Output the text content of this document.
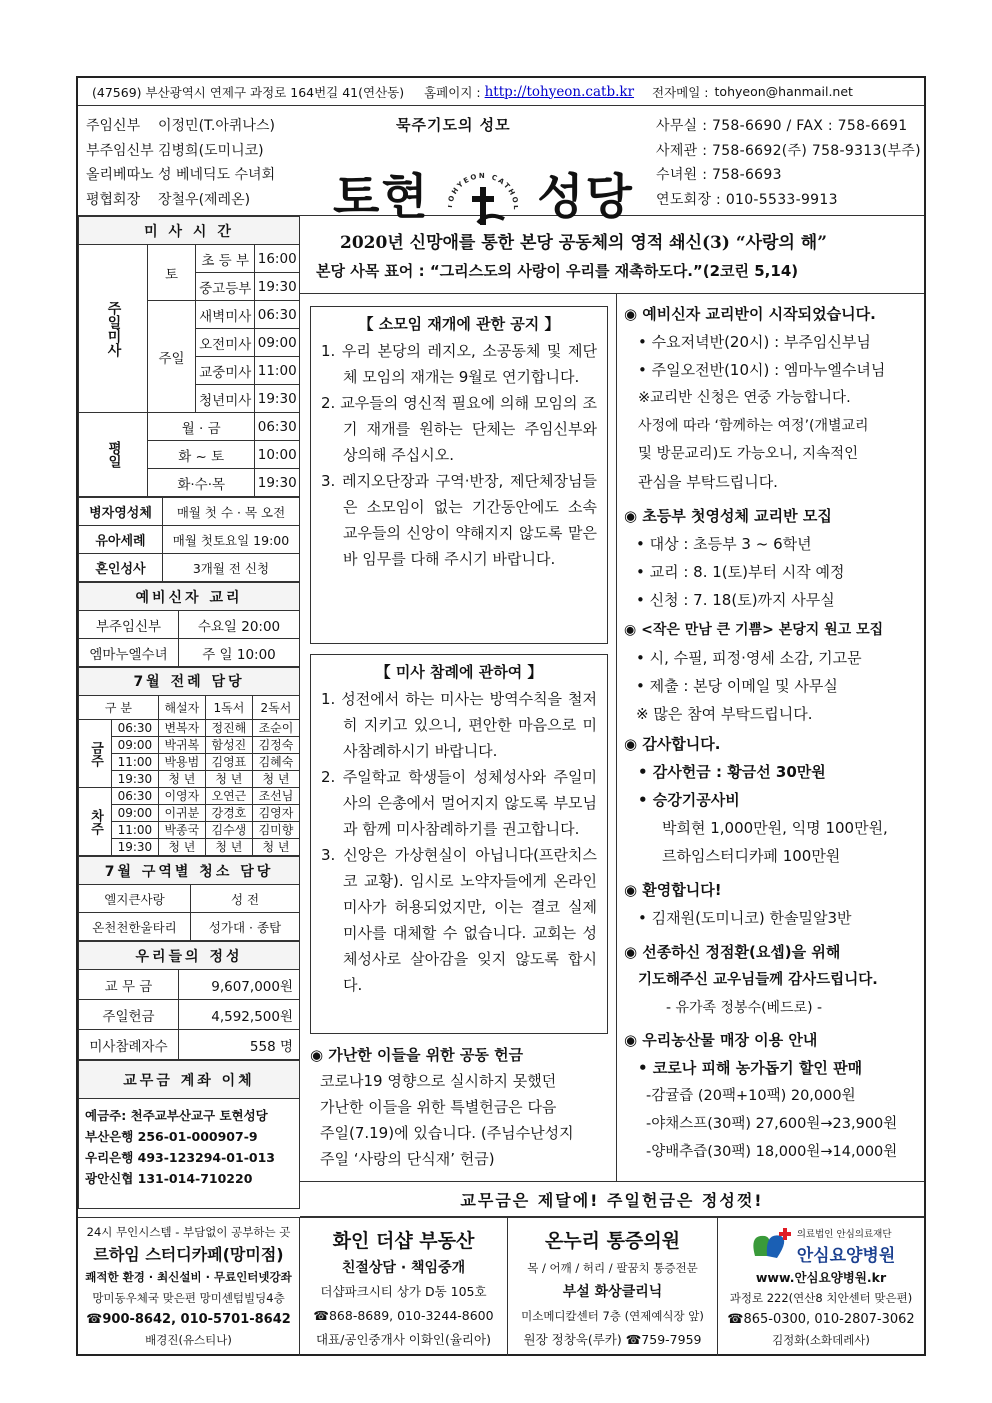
(47569) 부산광역시 연제구 과정로 164번길 41(연산동) 홈페이지 : http://tohyeon.catb.kr 전자메일 : tohyeon@hanmail.net
주임신부 이정민(T.아퀴나스)
부주임신부 김병희(도미니코)
올리베따노 성 베네딕도 수녀회
평협회장 장철우(제레온)
묵주기도의 성모
토현	HYEON CATH 성당
사무실 : 758-6690 / FAX : 758-6691
사제관 : 758-6692(주) 758-9313(부주)
수녀원 : 758-6693
연도회장 : 010-5533-9913
미 사 시 간			
주일미사	토	초 등 부	16:00
		중고등부	19:30
	주일	새벽미사	06:30
		오전미사	09:00
		교중미사	11:00
		청년미사	19:30
평일	월 · 금		06:30
	화 ~ 토		10:00
	화·수·목		19:30
병자영성체	매월 첫 수 · 목 오전
유아세례	매월 첫토요일 19:00
혼인성사	3개월 전 신청
예비신자 교리	
부주임신부	수요일 20:00
엠마누엘수녀	주 일 10:00
7월 전례 담당				
구 분		해설자	1독서	2독서
금주	06:30	변복자	정진해	조순이
	09:00	박귀복	함성진	김정숙
	11:00	박용범	김영표	김혜숙
	19:30	청 년	청 년	청 년
차주	06:30	이영자	오연근	조선님
	09:00	이귀분	강경호	김영자
	11:00	박종국	김수생	김미향
	19:30	청 년	청 년	청 년
7월 구역별 청소 담당	
엘지큰사랑	성 전
온천천한울타리	성가대 · 종탑
우리들의 정성	
교 무 금	9,607,000원
주일헌금	4,592,500원
미사참례자수	558 명
교무금 계좌 이체

예금주: 천주교부산교구 토현성당
부산은행 256-01-000907-9
우리은행 493-123294-01-013
광안신협 131-014-710220
2020년 신망애를 통한 본당 공동체의 영적 쇄신(3) “사랑의 해”
본당 사목 표어 : “그리스도의 사랑이 우리를 재촉하도다.”(2코린 5,14)
【 소모임 재개에 관한 공지 】
1. 우리 본당의 레지오, 소공동체 및 제단체 모임의 재개는 9월로 연기합니다.
2. 교우들의 영신적 필요에 의해 모임의 조기 재개를 원하는 단체는 주임신부와 상의해 주십시오.
3. 레지오단장과 구역·반장, 제단체장님들은 소모임이 없는 기간동안에도 소속 교우들의 신앙이 약해지지 않도록 맡은 바 임무를 다해 주시기 바랍니다.
【 미사 참례에 관하여 】
1. 성전에서 하는 미사는 방역수칙을 철저히 지키고 있으니, 편안한 마음으로 미사참례하시기 바랍니다.
2. 주일학교 학생들이 성체성사와 주일미사의 은총에서 멀어지지 않도록 부모님과 함께 미사참례하기를 권고합니다.
3. 신앙은 가상현실이 아닙니다(프란치스코 교황). 임시로 노약자들에게 온라인 미사가 허용되었지만, 이는 결코 실제 미사를 대체할 수 없습니다. 교회는 성체성사로 살아감을 잊지 않도록 합시다.
◉ 가난한 이들을 위한 공동 헌금
코로나19 영향으로 실시하지 못했던
가난한 이들을 위한 특별헌금은 다음
주일(7.19)에 있습니다. (주님수난성지
주일 ‘사랑의 단식재’ 헌금)
◉ 예비신자 교리반이 시작되었습니다.
• 수요저녁반(20시) : 부주임신부님
• 주일오전반(10시) : 엠마누엘수녀님
※교리반 신청은 연중 가능합니다.
사정에 따라 ‘함께하는 여정’(개별교리
및 방문교리)도 가능오니, 지속적인
관심을 부탁드립니다.
◉ 초등부 첫영성체 교리반 모집
• 대상 : 초등부 3 ~ 6학년
• 교리 : 8. 1(토)부터 시작 예정
• 신청 : 7. 18(토)까지 사무실
◉ <작은 만남 큰 기쁨> 본당지 원고 모집
• 시, 수필, 피정·영세 소감, 기고문
• 제출 : 본당 이메일 및 사무실
※ 많은 참여 부탁드립니다.
◉ 감사합니다.
• 감사헌금 : 황금선 30만원
• 승강기공사비
박희현 1,000만원, 익명 100만원,
르하임스터디카페 100만원
◉ 환영합니다!
• 김재원(도미니코) 한솔밀알3반
◉ 선종하신 정점환(요셉)을 위해
기도해주신 교우님들께 감사드립니다.
- 유가족 정봉수(베드로) -
◉ 우리농산물 매장 이용 안내
• 코로나 피해 농가돕기 할인 판매
-감귤즙 (20팩+10팩) 20,000원
-야채스프(30팩) 27,600원→23,900원
-양배추즙(30팩) 18,000원→14,000원
교무금은 제달에! 주일헌금은 정성껏!
24시 무인시스템 - 부담없이 공부하는 곳
르하임 스터디카페(망미점)
쾌적한 환경 · 최신설비 · 무료인터넷강좌
망미동우체국 맞은편 망미센텀빌딩4층
☎900-8642, 010-5701-8642
배경진(유스티나)
화인 더샵 부동산
친절상담 · 책임중개
더샵파크시티 상가 D동 105호
☎868-8689, 010-3244-8600
대표/공인중개사 이화인(율리아)
온누리 통증의원
목 / 어깨 / 허리 / 팔꿈치 통증전문
부설 화상클리닉
미소메디칼센터 7층 (연제예식장 앞)
원장 정창욱(루카) ☎759-7959
의료법인 안심의료재단
안심요양병원
www.안심요양병원.kr
과정로 222(연산8 치안센터 맞은편)
☎865-0300, 010-2807-3062
김정화(소화데레사)
